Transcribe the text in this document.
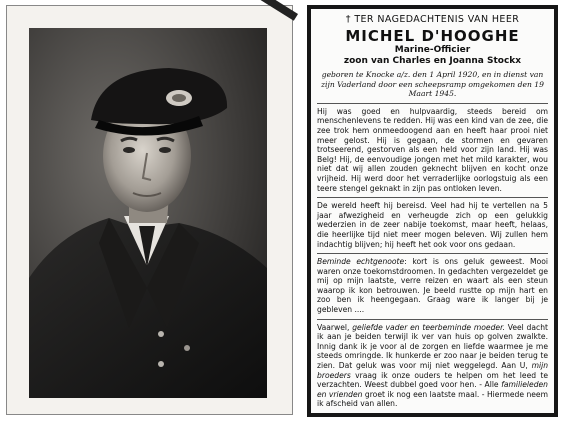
† TER NAGEDACHTENIS VAN HEER
MICHEL D'HOOGHE
Marine-Officier
zoon van Charles en Joanna Stockx
geboren te Knocke a/z. den 1 April 1920, en in dienst van zijn Vaderland door een scheepsramp omgekomen den 19 Maart 1945.
Hij was goed en hulpvaardig, steeds bereid om menschenlevens te redden. Hij was een kind van de zee, die zee trok hem onmeedoogend aan en heeft haar prooi niet meer gelost. Hij is gegaan, de stormen en gevaren trotseerend, gestorven als een held voor zijn land. Hij was Belg! Hij, de eenvoudige jongen met het mild karakter, wou niet dat wij allen zouden geknecht blijven en kocht onze vrijheid. Hij werd door het verraderlijke oorlogstuig als een teere stengel geknakt in zijn pas ontloken leven.
De wereld heeft hij bereisd. Veel had hij te vertellen na 5 jaar afwezigheid en verheugde zich op een gelukkig wederzien in de zeer nabije toekomst, maar heeft, helaas, die heerlijke tijd niet meer mogen beleven. Wij zullen hem indachtig blijven; hij heeft het ook voor ons gedaan.
Beminde echtgenoote: kort is ons geluk geweest. Mooi waren onze toekomstdroomen. In gedachten vergezeldet ge mij op mijn laatste, verre reizen en waart als een steun waarop ik kon betrouwen. Je beeld rustte op mijn hart en zoo ben ik heengegaan. Graag ware ik langer bij je gebleven ....
Vaarwel, geliefde vader en teerbeminde moeder. Veel dacht ik aan je beiden terwijl ik ver van huis op golven zwalkte. Innig dank ik je voor al de zorgen en liefde waarmee je me steeds omringde. Ik hunkerde er zoo naar je beiden terug te zien. Dat geluk was voor mij niet weggelegd. Aan U, mijn broeders vraag ik onze ouders te helpen om het leed te verzachten. Weest dubbel goed voor hen. - Alle familieleden en vrienden groet ik nog een laatste maal. - Hiermede neem ik afscheid van allen.
